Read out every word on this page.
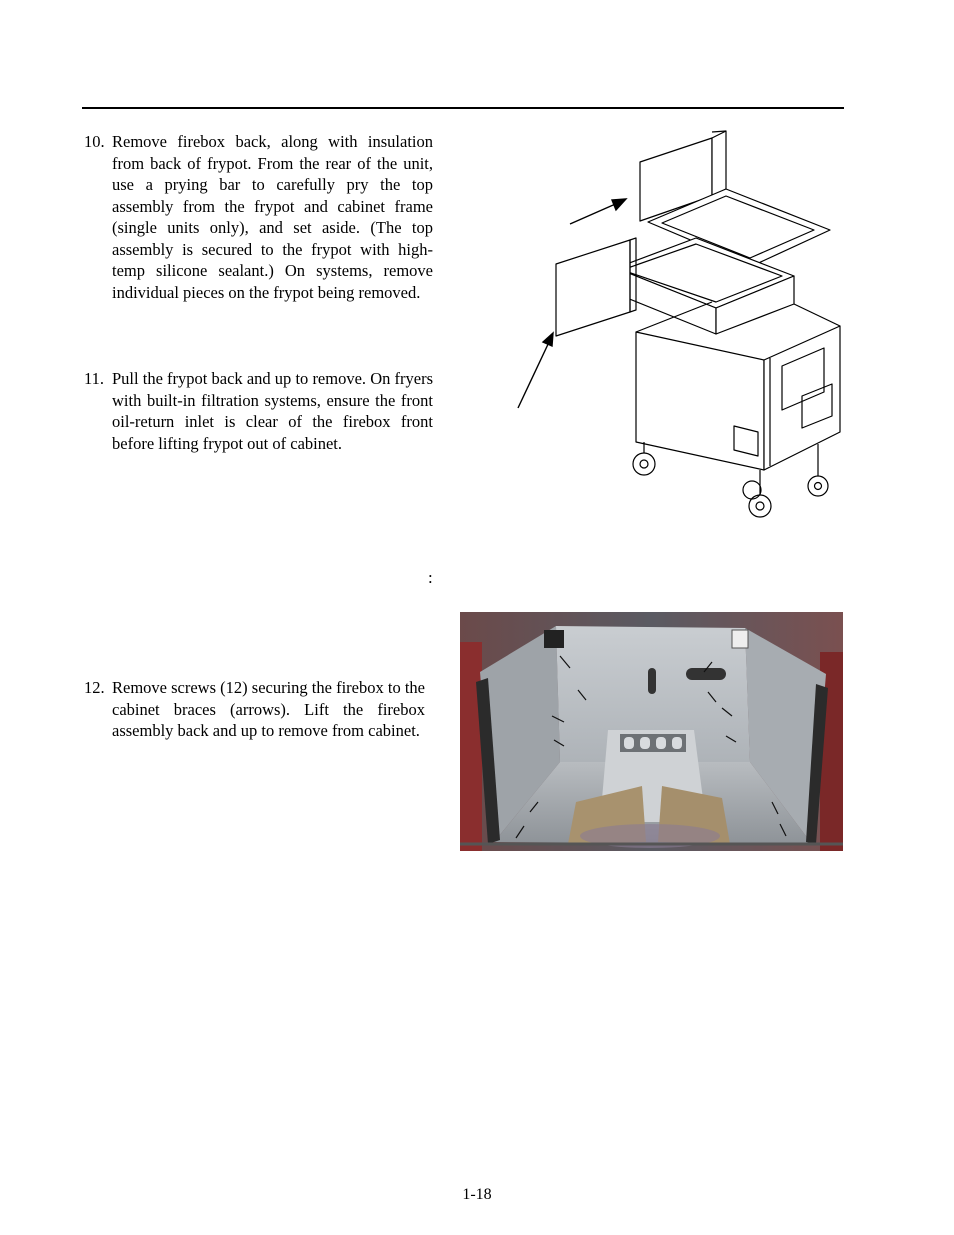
10. Remove firebox back, along with insulation from back of frypot. From the rear of the unit, use a prying bar to carefully pry the top assembly from the frypot and cabinet frame (single units only), and set aside. (The top assembly is secured to the frypot with high-temp silicone sealant.) On systems, remove individual pieces on the frypot being removed.
11. Pull the frypot back and up to remove. On fryers with built-in filtration systems, ensure the front oil-return inlet is clear of the firebox front before lifting frypot out of cabinet.
:
12. Remove screws (12) securing the firebox to the cabinet braces (arrows). Lift the firebox assembly back and up to remove from cabinet.
1-18
